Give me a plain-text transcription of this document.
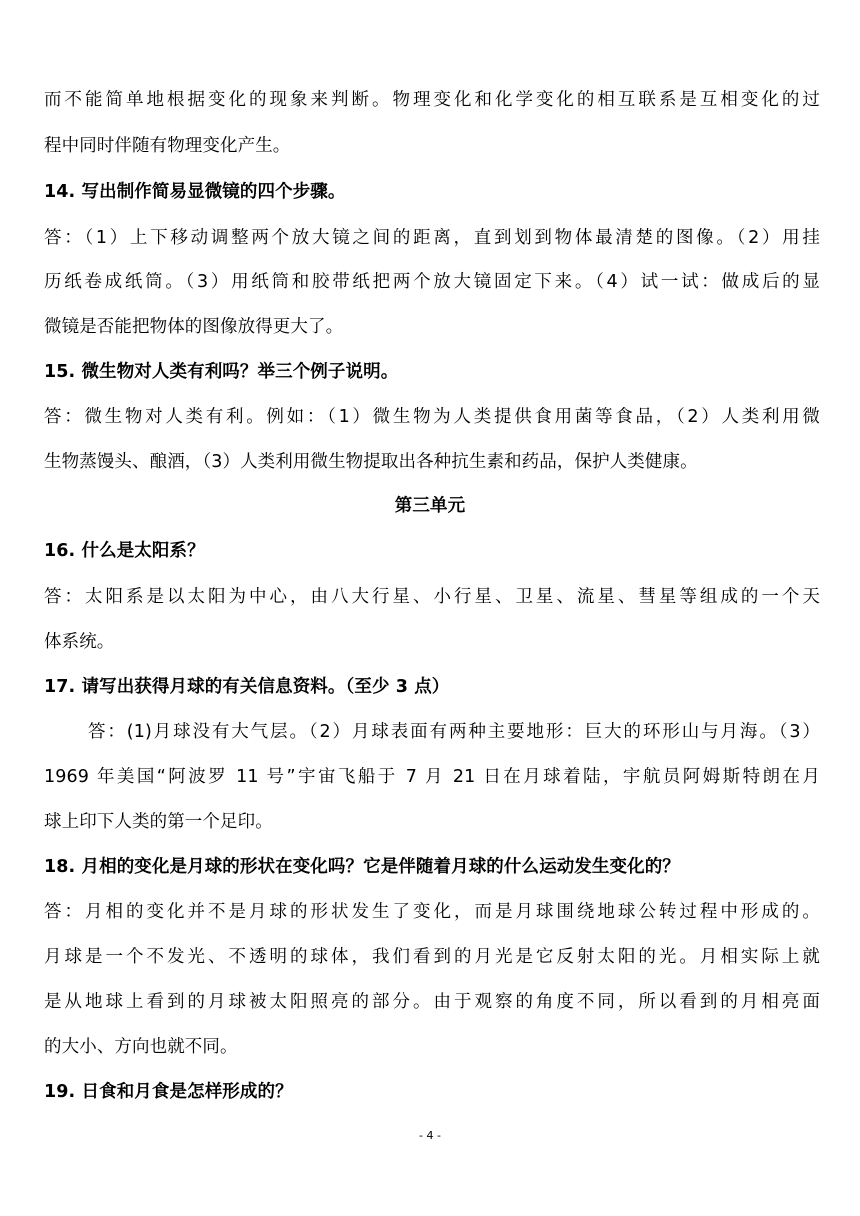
而不能简单地根据变化的现象来判断。物理变化和化学变化的相互联系是互相变化的过
程中同时伴随有物理变化产生。
14. 写出制作简易显微镜的四个步骤。
答：（1）上下移动调整两个放大镜之间的距离，直到划到物体最清楚的图像。（2）用挂
历纸卷成纸筒。（3）用纸筒和胶带纸把两个放大镜固定下来。（4）试一试：做成后的显
微镜是否能把物体的图像放得更大了。
15. 微生物对人类有利吗？举三个例子说明。
答：微生物对人类有利。例如：（1）微生物为人类提供食用菌等食品，（2）人类利用微
生物蒸馒头、酿酒，（3）人类利用微生物提取出各种抗生素和药品，保护人类健康。
第三单元
16. 什么是太阳系？
答：太阳系是以太阳为中心，由八大行星、小行星、卫星、流星、彗星等组成的一个天
体系统。
17. 请写出获得月球的有关信息资料。（至少 3 点）
答：(1)月球没有大气层。（2）月球表面有两种主要地形：巨大的环形山与月海。（3）
1969 年美国“阿波罗 11 号”宇宙飞船于 7 月 21 日在月球着陆，宇航员阿姆斯特朗在月
球上印下人类的第一个足印。
18. 月相的变化是月球的形状在变化吗？它是伴随着月球的什么运动发生变化的？
答：月相的变化并不是月球的形状发生了变化，而是月球围绕地球公转过程中形成的。
月球是一个不发光、不透明的球体，我们看到的月光是它反射太阳的光。月相实际上就
是从地球上看到的月球被太阳照亮的部分。由于观察的角度不同，所以看到的月相亮面
的大小、方向也就不同。
19. 日食和月食是怎样形成的？
- 4 -
